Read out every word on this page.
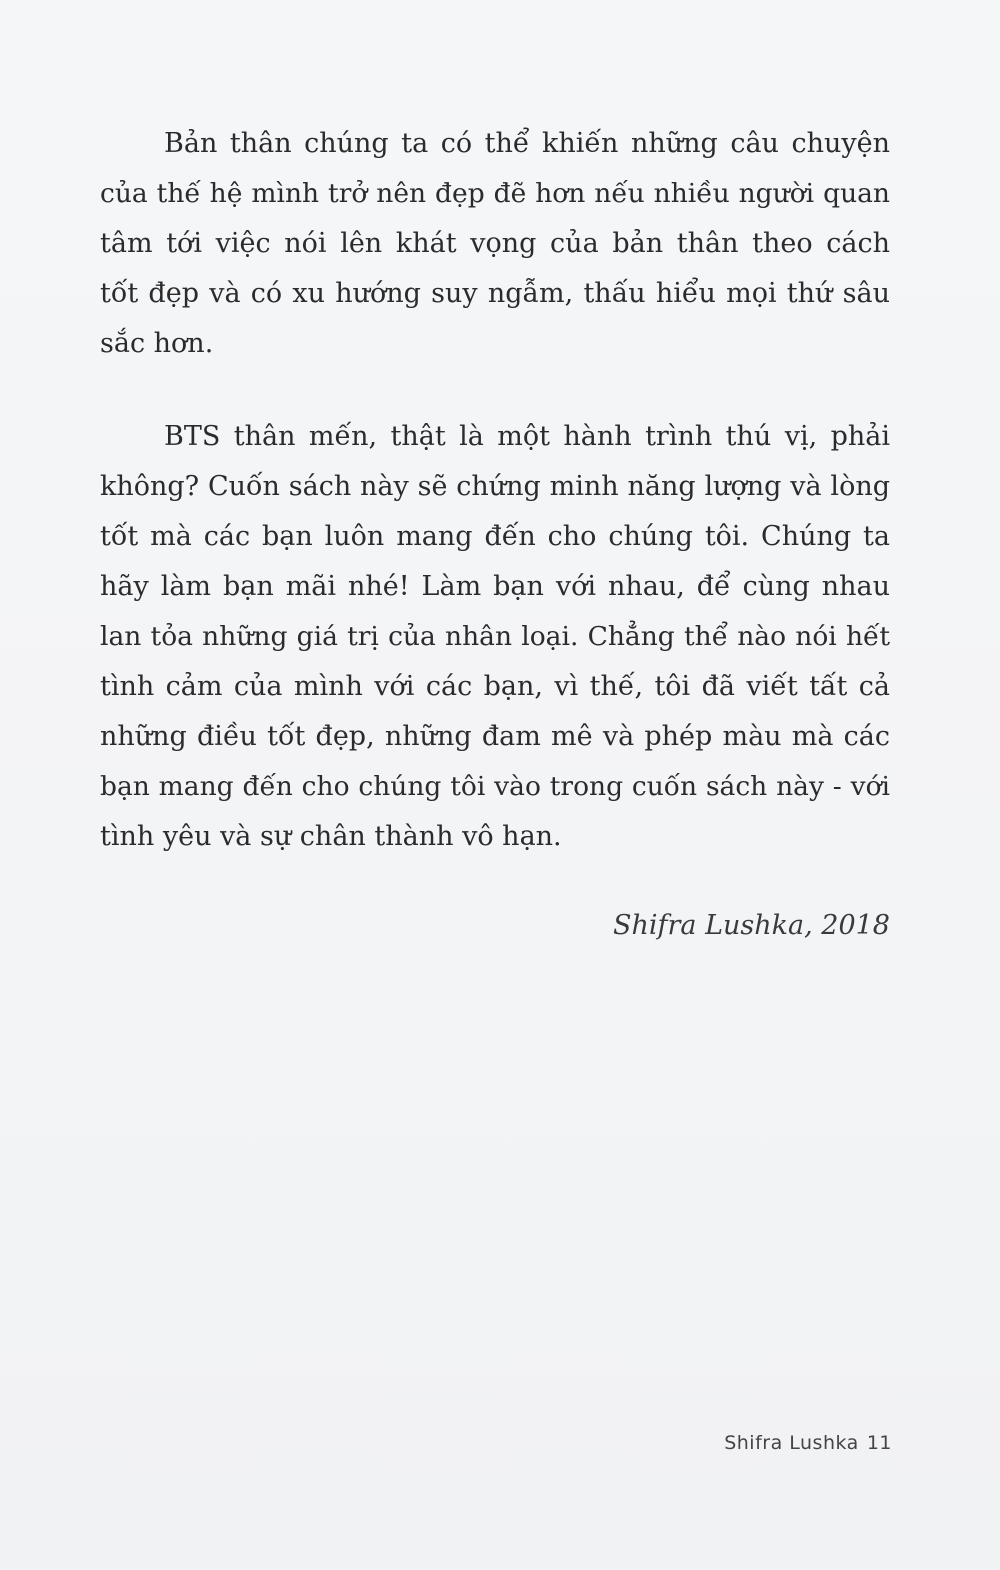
Bản thân chúng ta có thể khiến những câu chuyện
của thế hệ mình trở nên đẹp đẽ hơn nếu nhiều người quan
tâm tới việc nói lên khát vọng của bản thân theo cách
tốt đẹp và có xu hướng suy ngẫm, thấu hiểu mọi thứ sâu
sắc hơn.
BTS thân mến, thật là một hành trình thú vị, phải
không? Cuốn sách này sẽ chứng minh năng lượng và lòng
tốt mà các bạn luôn mang đến cho chúng tôi. Chúng ta
hãy làm bạn mãi nhé! Làm bạn với nhau, để cùng nhau
lan tỏa những giá trị của nhân loại. Chẳng thể nào nói hết
tình cảm của mình với các bạn, vì thế, tôi đã viết tất cả
những điều tốt đẹp, những đam mê và phép màu mà các
bạn mang đến cho chúng tôi vào trong cuốn sách này - với
tình yêu và sự chân thành vô hạn.
Shifra Lushka, 2018
Shifra Lushka 11
